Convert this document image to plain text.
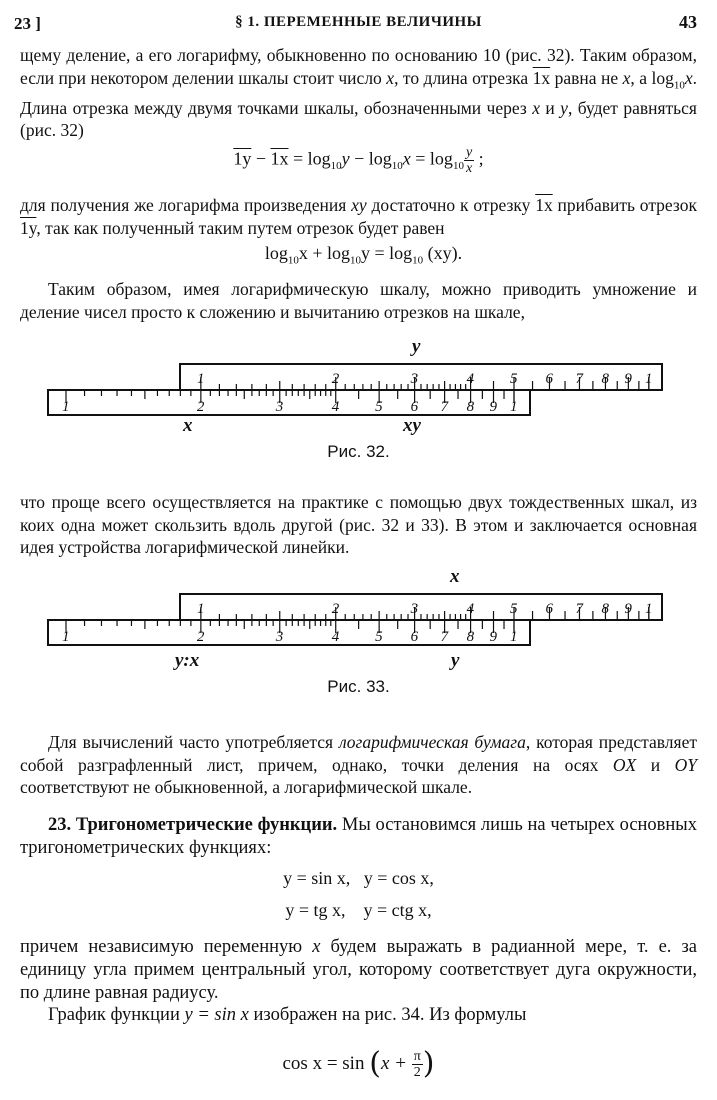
23 ]	§ 1. ПЕРЕМЕННЫЕ ВЕЛИЧИНЫ	43
щему деление, а его логарифму, обыкновенно по основанию 10 (рис. 32). Таким образом, если при некотором делении шкалы стоит число x, то длина отрезка 1x равна не x, а $\log_{10}x$. Длина отрезка между двумя точками шкалы, обозначенными через x и y, будет равняться (рис. 32)
$1y - 1x = \log_{10}y - \log_{10}x = \log_{10} \frac{y}{x}$ ;
для получения же логарифма произведения xy достаточно к отрезку 1x прибавить отрезок 1y, так как полученный таким путем отрезок будет равен
$\log_{10}x + \log_{10}y = \log_{10} (xy)$.
Таким образом, имея логарифмическую шкалу, можно приводить умножение и деление чисел просто к сложению и вычитанию отрезков на шкале,
1	2	3	4 5 6 7 8 9 1
1	2	3	4 5 6 7 8 9 1
y
x	xy
Рис. 32.
что проще всего осуществляется на практике с помощью двух тождественных шкал, из коих одна может скользить вдоль другой (рис. 32 и 33). В этом и заключается основная идея устройства логарифмической линейки.
1	2	3	4 5 6 7 8 9 1
1	2	3	4 5 6 7 8 9 1
x
y:x	y
Рис. 33.
Для вычислений часто употребляется логарифмическая бумага, которая представляет собой разграфленный лист, причем, однако, точки деления на осях OX и OY соответствуют не обыкновенной, а логарифмической шкале.
23. Тригонометрические функции. Мы остановимся лишь на четырех основных тригонометрических функциях:
y = sin x, y = cos x,
y = tg x, y = ctg x,
причем независимую переменную x будем выражать в радианной мере, т. е. за единицу угла примем центральный угол, которому соответствует дуга окружности, по длине равная радиусу.
График функции y = sin x изображен на рис. 34. Из формулы
$\cos x = \sin (x + \frac{\pi}{2}$ )
